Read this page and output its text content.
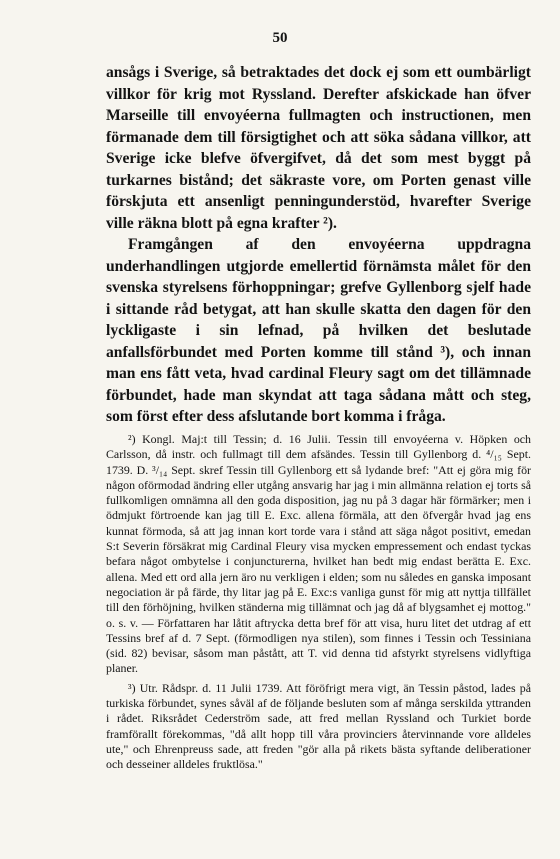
50

ansågs i Sverige, så betraktades det dock ej som ett oumbärligt villkor för krig mot Ryssland. Derefter afskickade han öfver Marseille till envoyéerna fullmagten och instructionen, men förmanade dem till försigtighet och att söka sådana villkor, att Sverige icke blefve öfvergifvet, då det som mest byggt på turkarnes bistånd; det säkraste vore, om Porten genast ville förskjuta ett ansenligt penningunderstöd, hvarefter Sverige ville räkna blott på egna krafter ²).

Framgången af den envoyéerna uppdragna underhandlingen utgjorde emellertid förnämsta målet för den svenska styrelsens förhoppningar; grefve Gyllenborg sjelf hade i sittande råd betygat, att han skulle skatta den dagen för den lyckligaste i sin lefnad, på hvilken det beslutade anfallsförbundet med Porten komme till stånd ³), och innan man ens fått veta, hvad cardinal Fleury sagt om det tillämnade förbundet, hade man skyndat att taga sådana mått och steg, som först efter dess afslutande bort komma i fråga.

²) Kongl. Maj:t till Tessin; d. 16 Julii. Tessin till envoyéerna v. Höpken och Carlsson, då instr. och fullmagt till dem afsändes. Tessin till Gyllenborg d. ⁴/₁₅ Sept. 1739. D. ³/₁₄ Sept. skref Tessin till Gyllenborg ett så lydande bref: "Att ej göra mig för någon oförmodad ändring eller utgång ansvarig har jag i min allmänna relation ej torts så fullkomligen omnämna all den goda disposition, jag nu på 3 dagar här förmärker; men i ödmjukt förtroende kan jag till E. Exc. allena förmäla, att den öfvergår hvad jag ens kunnat förmoda, så att jag innan kort torde vara i stånd att säga något positivt, emedan S:t Severin försäkrat mig Cardinal Fleury visa mycken empressement och endast tyckas befara något ombytelse i conjuncturerna, hvilket han bedt mig endast berätta E. Exc. allena. Med ett ord alla jern äro nu verkligen i elden; som nu således en ganska imposant negociation är på färde, thy litar jag på E. Exc:s vanliga gunst för mig att nyttja tillfället till den förhöjning, hvilken ständerna mig tillämnat och jag då af blygsamhet ej mottog." o. s. v. — Författaren har låtit aftrycka detta bref för att visa, huru litet det utdrag af ett Tessins bref af d. 7 Sept. (förmodligen nya stilen), som finnes i Tessin och Tessiniana (sid. 82) bevisar, såsom man påstått, att T. vid denna tid afstyrkt styrelsens vidlyftiga planer.

³) Utr. Rådspr. d. 11 Julii 1739. Att föröfrigt mera vigt, än Tessin påstod, lades på turkiska förbundet, synes såväl af de följande besluten som af många serskilda yttranden i rådet. Riksrådet Cederström sade, att fred mellan Ryssland och Turkiet borde framförallt förekommas, "då allt hopp till våra provinciers återvinnande vore alldeles ute," och Ehrenpreuss sade, att freden "gör alla på rikets bästa syftande deliberationer och desseiner alldeles fruktlösa."
